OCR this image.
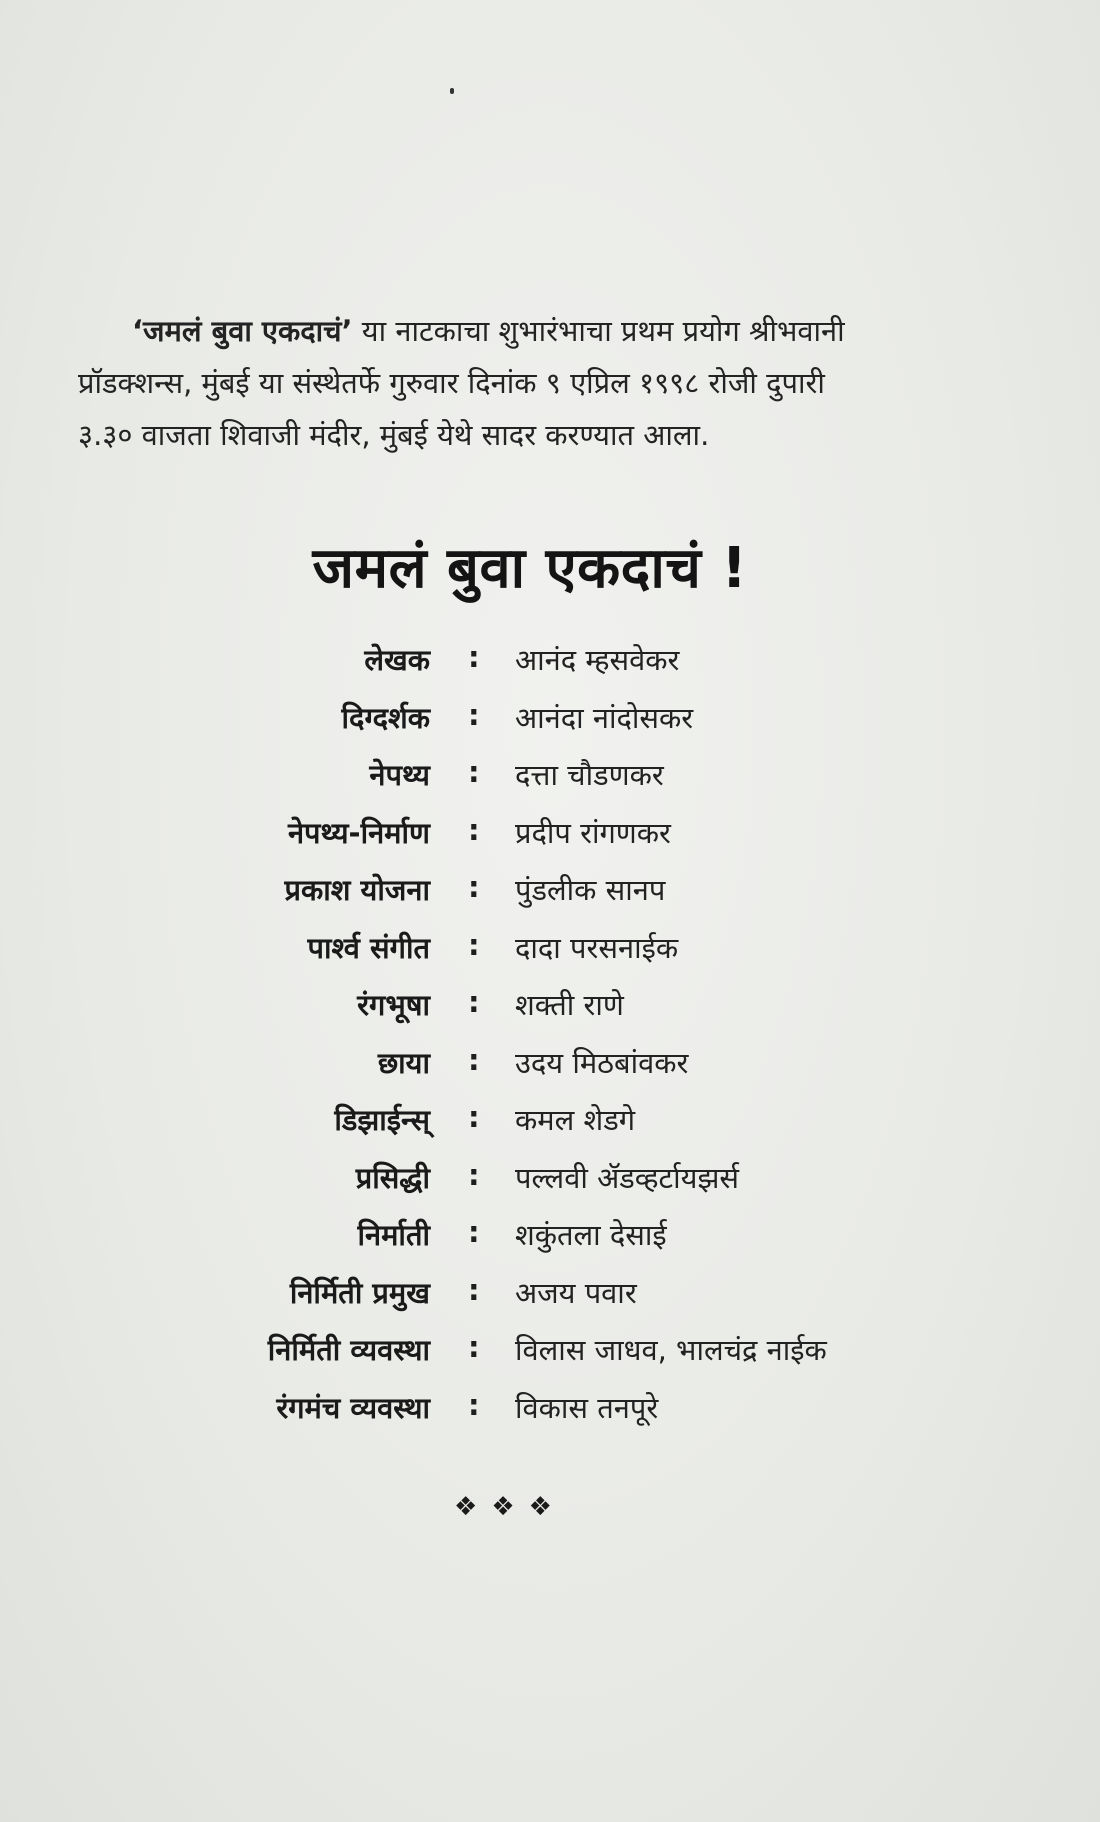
‘जमलं बुवा एकदाचं’ या नाटकाचा शुभारंभाचा प्रथम प्रयोग श्रीभवानी
प्रॉडक्शन्स, मुंबई या संस्थेतर्फे गुरुवार दिनांक ९ एप्रिल १९९८ रोजी दुपारी
३.३० वाजता शिवाजी मंदीर, मुंबई येथे सादर करण्यात आला.
जमलं बुवा एकदाचं !
लेखक : आनंद म्हसवेकर
दिग्दर्शक : आनंदा नांदोसकर
नेपथ्य : दत्ता चौडणकर
नेपथ्य-निर्माण : प्रदीप रांगणकर
प्रकाश योजना : पुंडलीक सानप
पार्श्व संगीत : दादा परसनाईक
रंगभूषा : शक्ती राणे
छाया : उदय मिठबांवकर
डिझाईन्स् : कमल शेडगे
प्रसिद्धी : पल्लवी ॲडव्हर्टायझर्स
निर्माती : शकुंतला देसाई
निर्मिती प्रमुख : अजय पवार
निर्मिती व्यवस्था : विलास जाधव, भालचंद्र नाईक
रंगमंच व्यवस्था : विकास तनपूरे
❖❖❖
